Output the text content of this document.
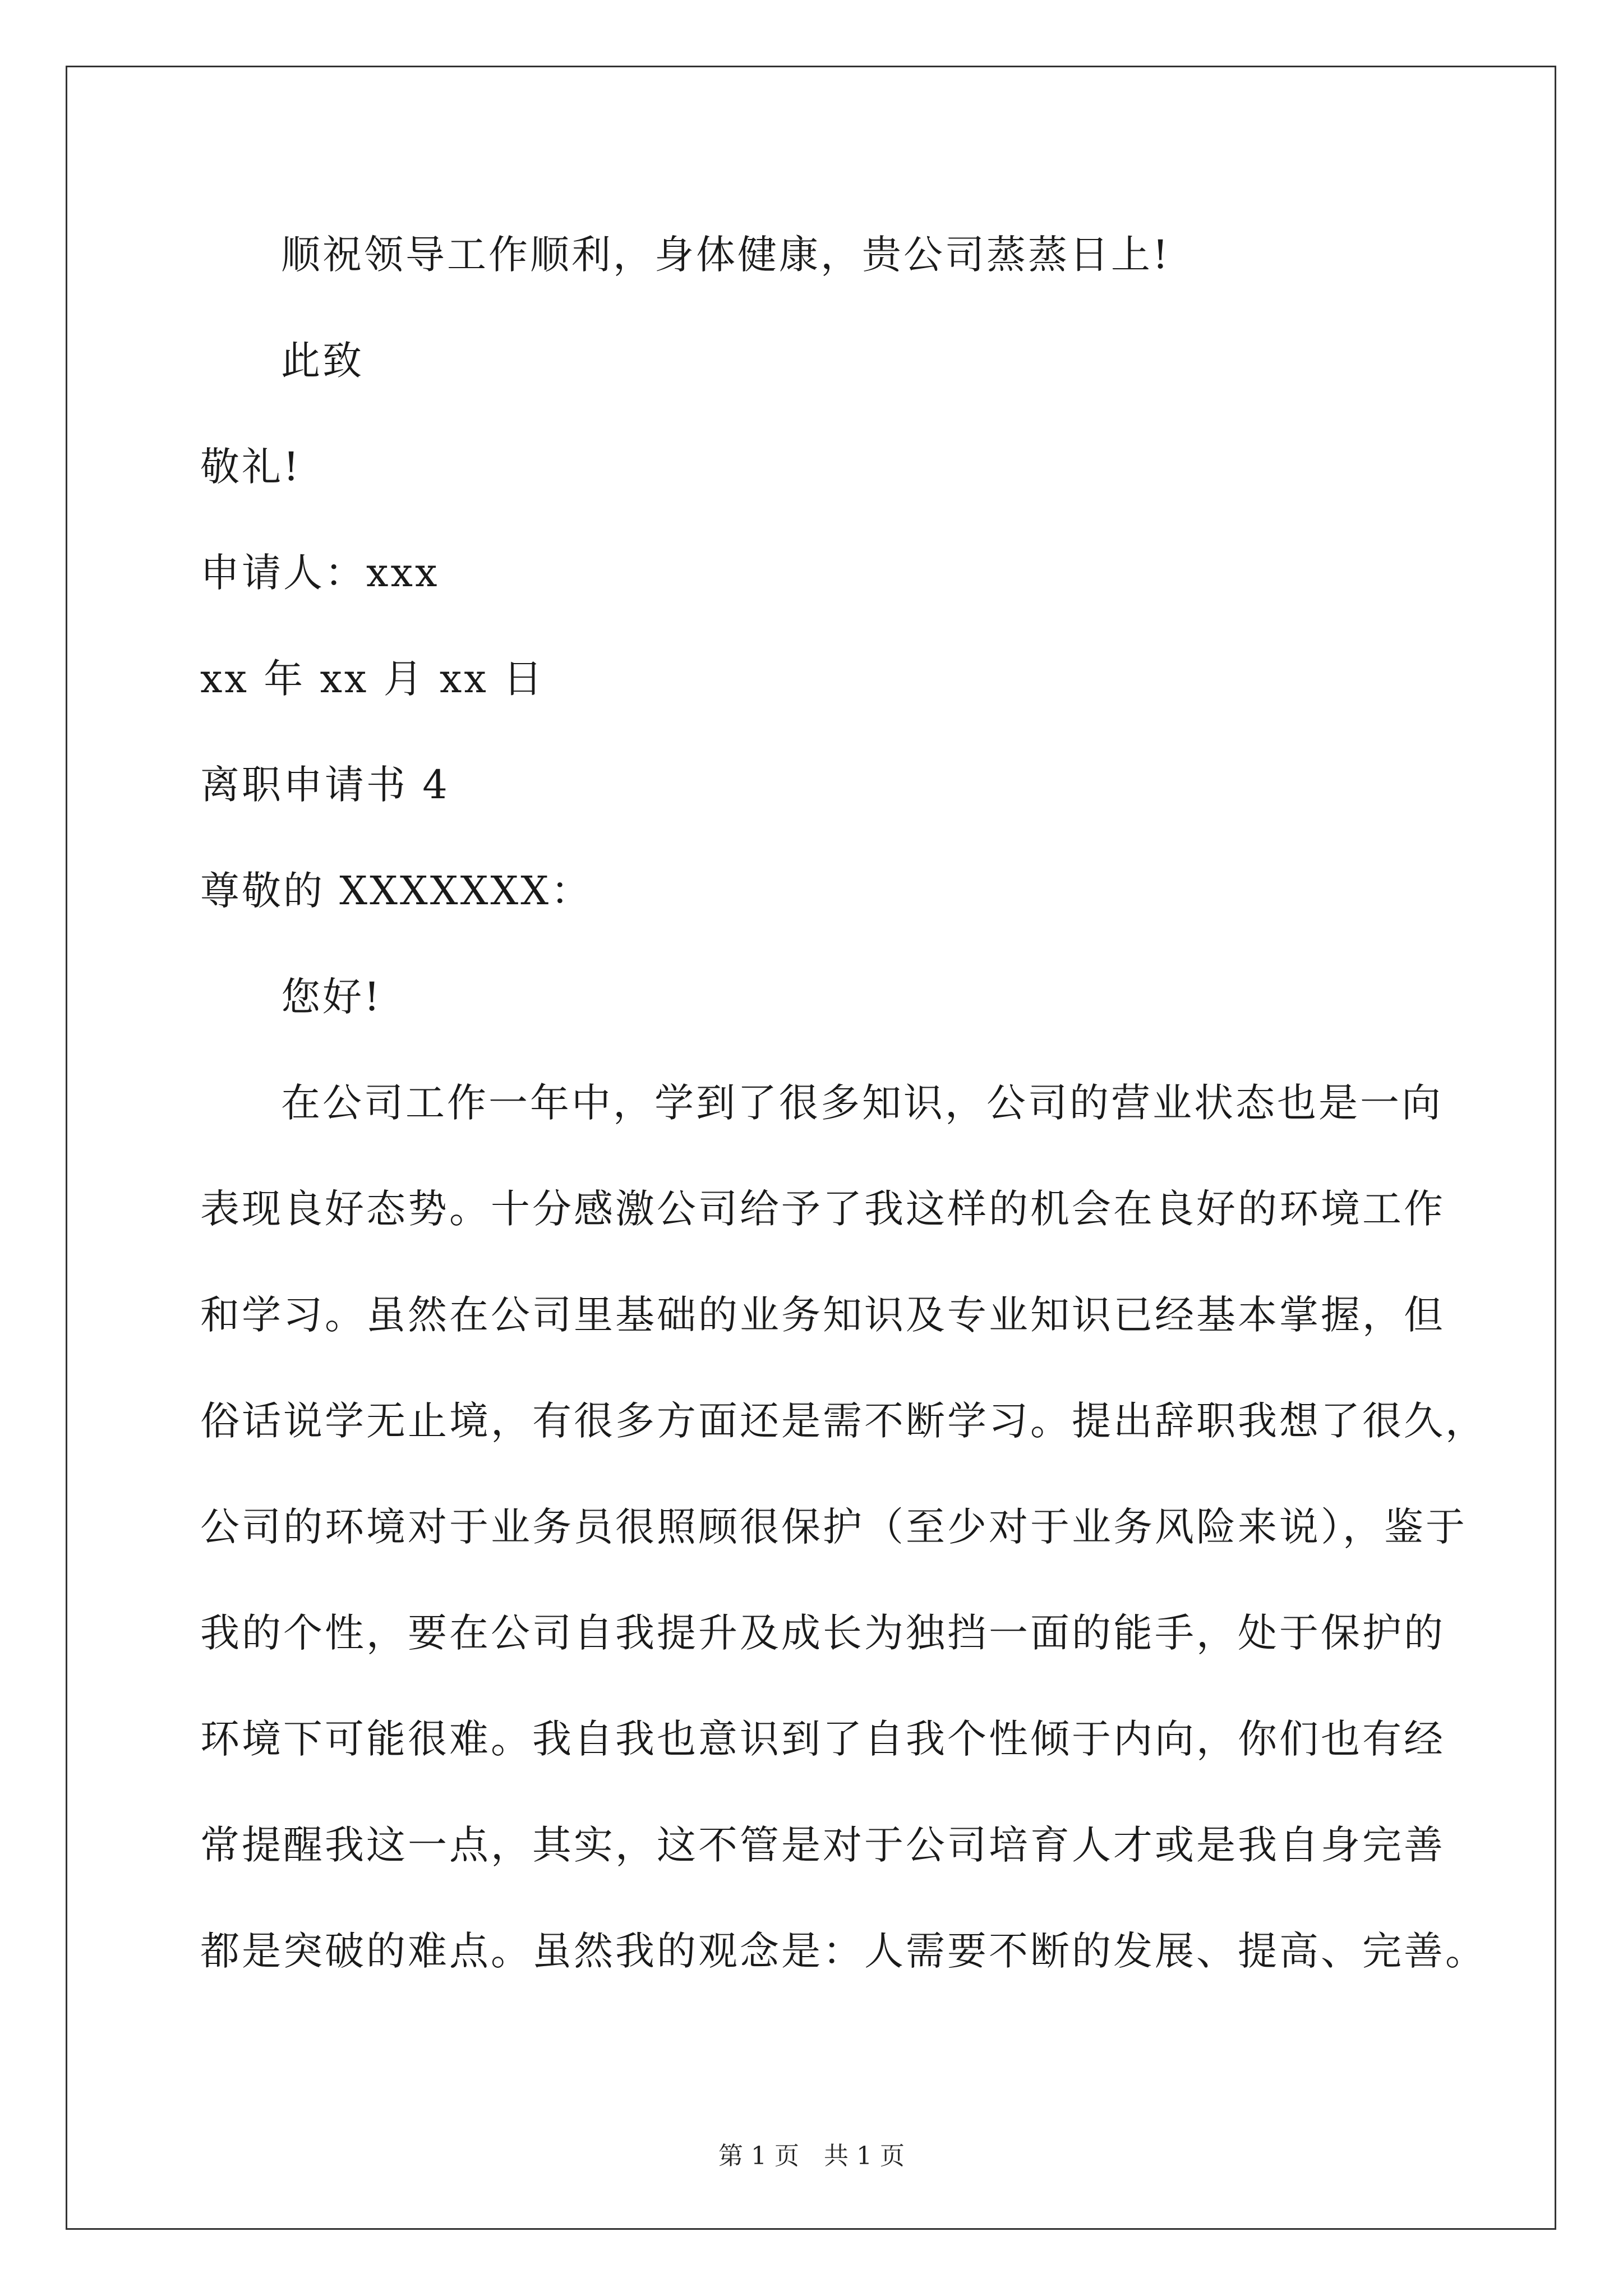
顺祝领导工作顺利，身体健康，贵公司蒸蒸日上!
此致
敬礼!
申请人：xxx
xx 年 xx 月 xx 日
离职申请书 4
尊敬的 XXXXXXX：
您好!
在公司工作一年中，学到了很多知识，公司的营业状态也是一向
表现良好态势。十分感激公司给予了我这样的机会在良好的环境工作
和学习。虽然在公司里基础的业务知识及专业知识已经基本掌握，但
俗话说学无止境，有很多方面还是需不断学习。提出辞职我想了很久，
公司的环境对于业务员很照顾很保护（至少对于业务风险来说），鉴于
我的个性，要在公司自我提升及成长为独挡一面的能手，处于保护的
环境下可能很难。我自我也意识到了自我个性倾于内向，你们也有经
常提醒我这一点，其实，这不管是对于公司培育人才或是我自身完善
都是突破的难点。虽然我的观念是：人需要不断的发展、提高、完善。
第 1 页　共 1 页
